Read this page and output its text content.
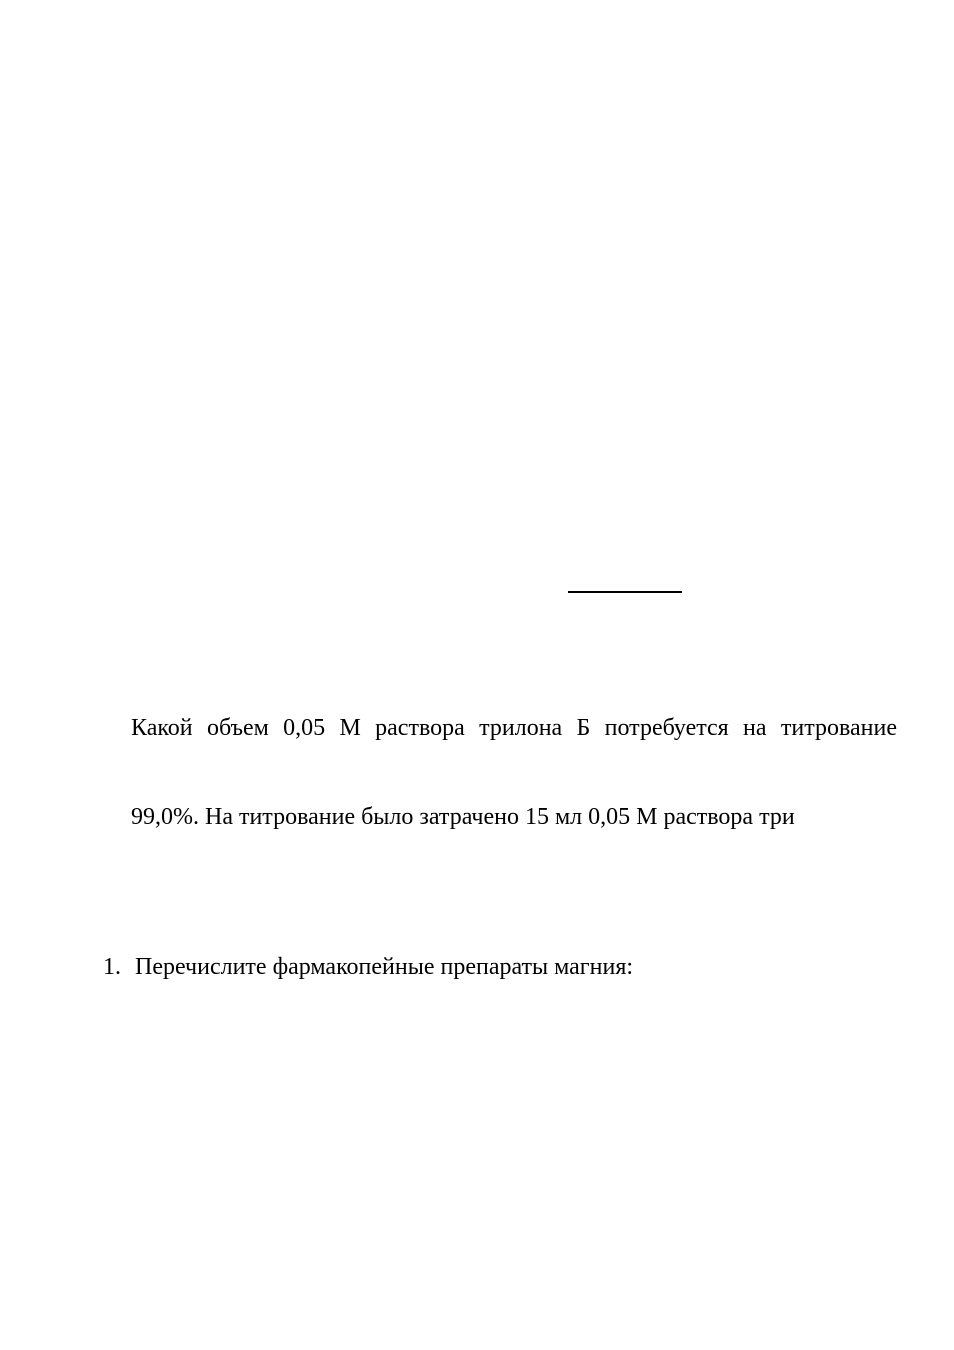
Какой объем 0,05 М раствора трилона Б потребуется на титрование
99,0%. На титрование было затрачено 15 мл 0,05 М раствора три
1. Перечислите фармакопейные препараты магния:
